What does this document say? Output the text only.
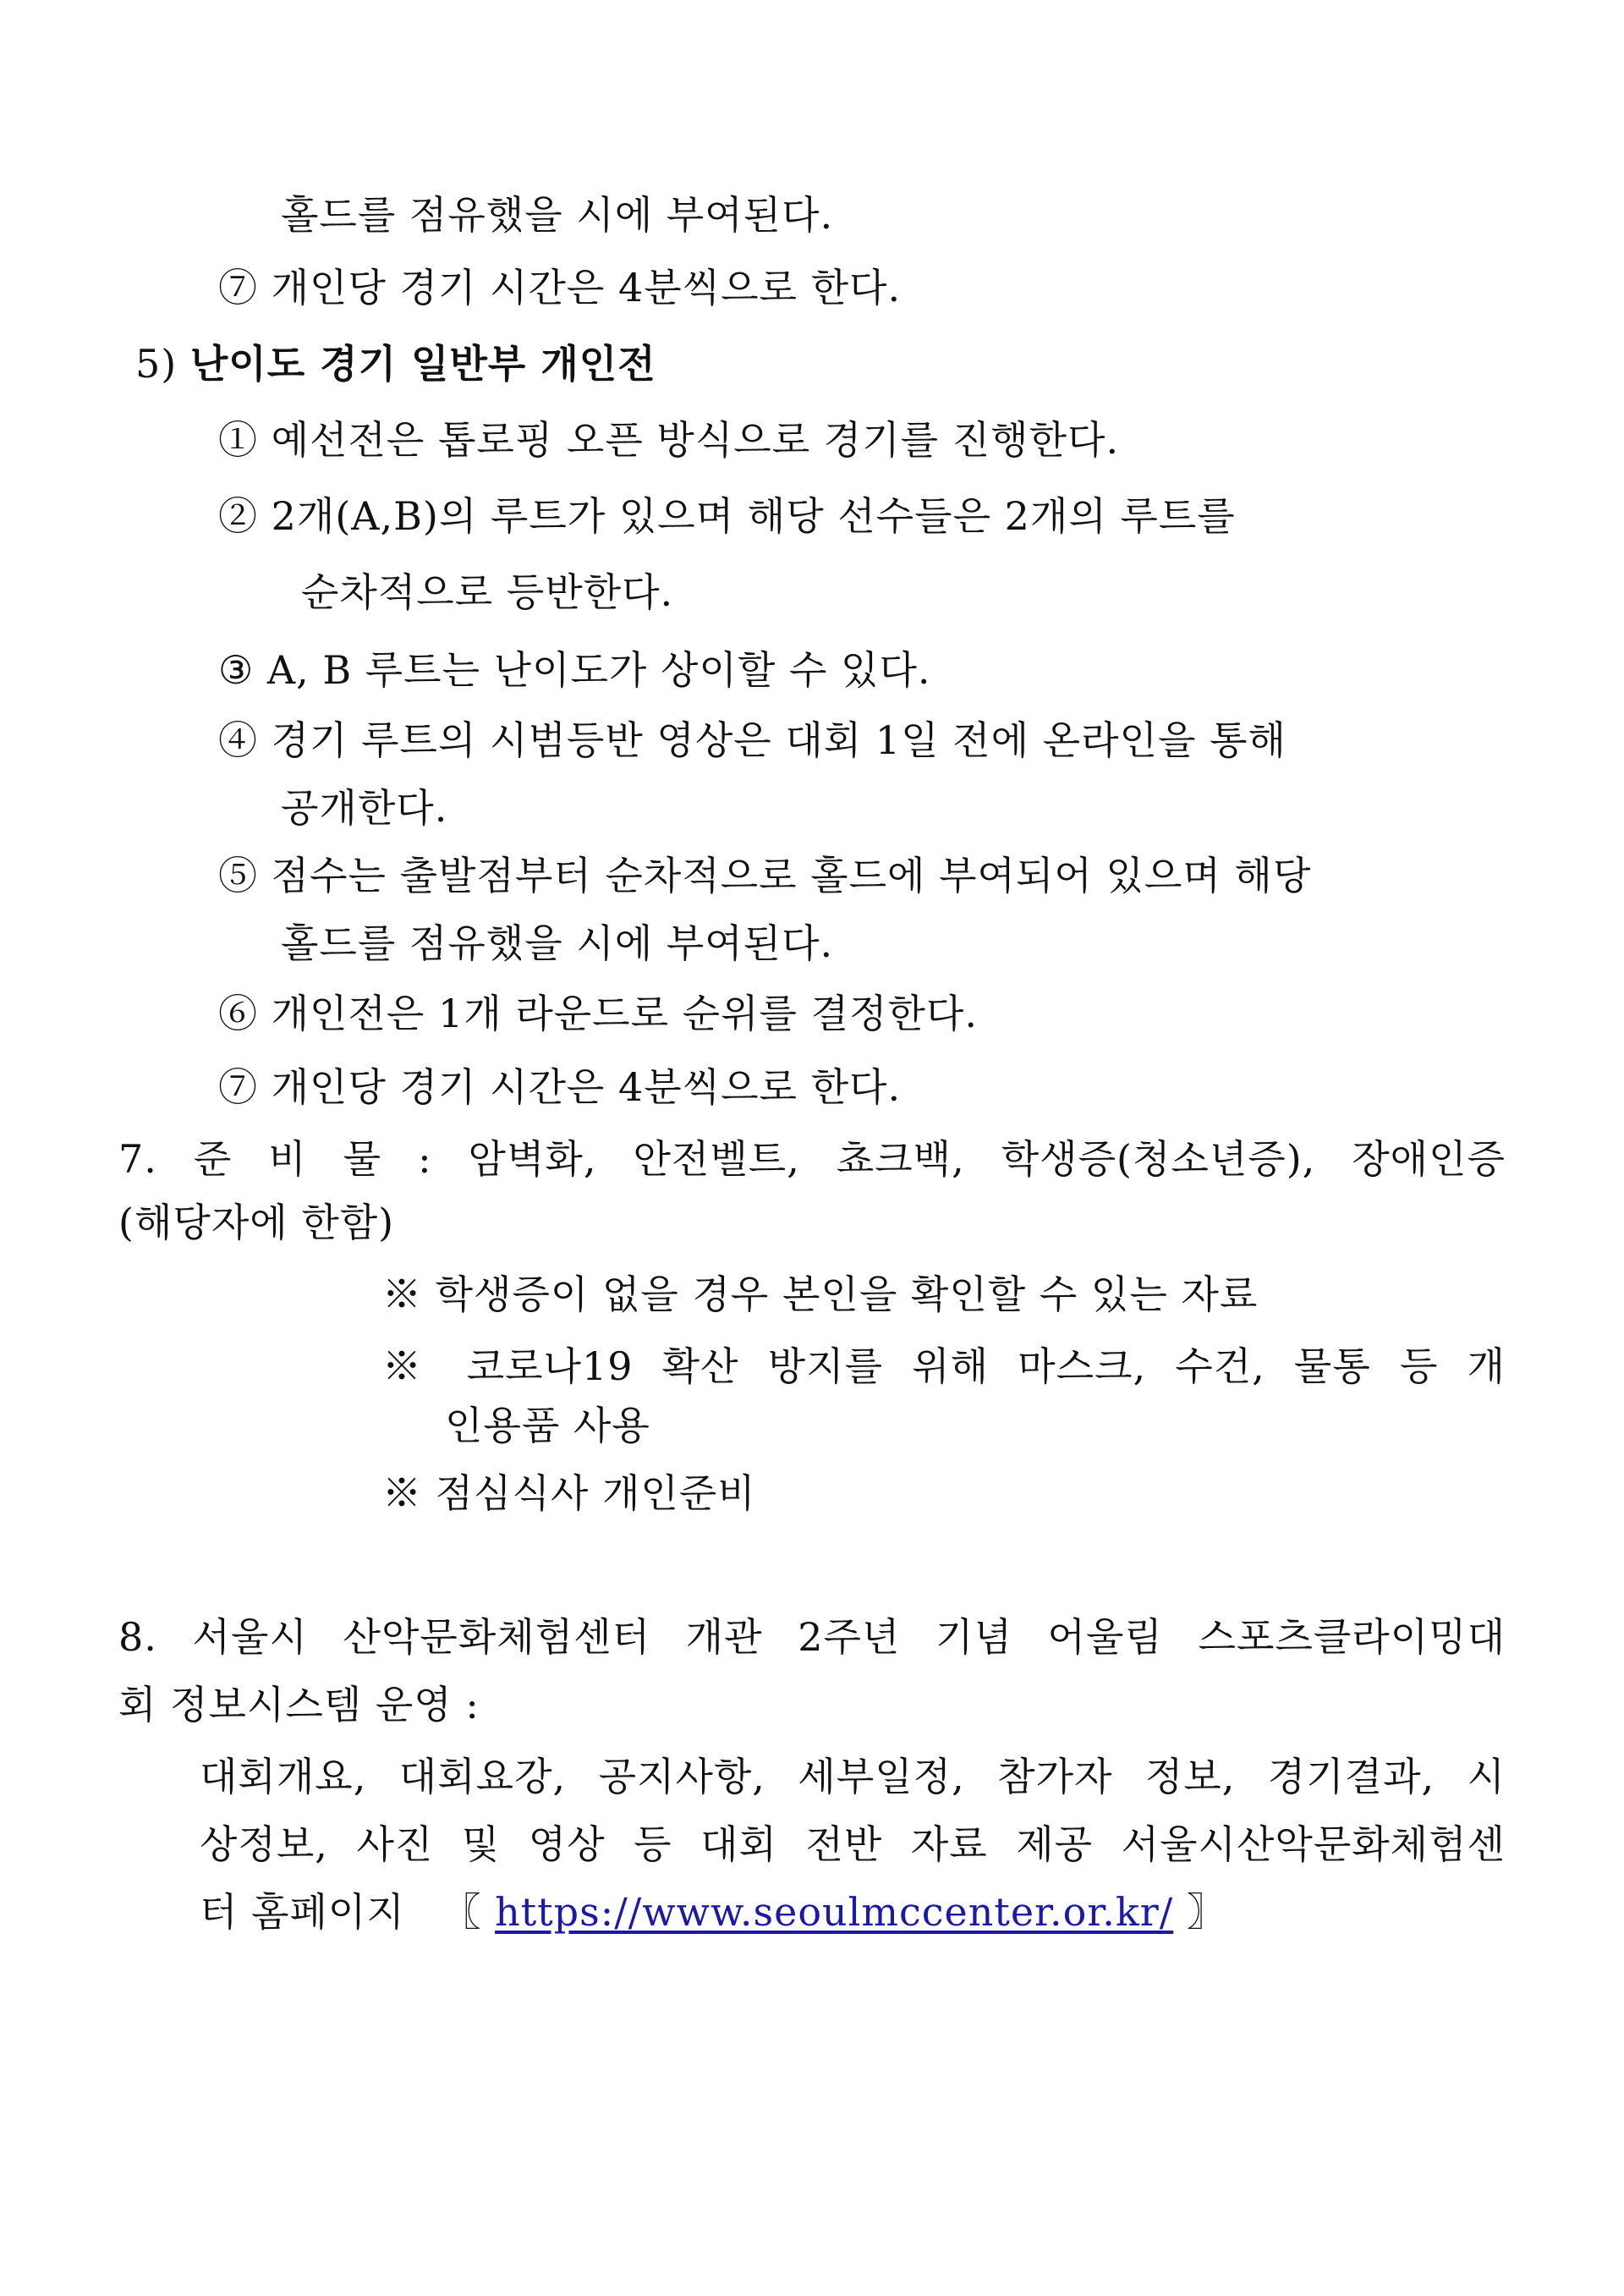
홀드를 점유했을 시에 부여된다.
⑦ 개인당 경기 시간은 4분씩으로 한다.
5) 난이도 경기 일반부 개인전
① 예선전은 톱로핑 오픈 방식으로 경기를 진행한다.
② 2개(A,B)의 루트가 있으며 해당 선수들은 2개의 루트를
순차적으로 등반한다.
③ A, B 루트는 난이도가 상이할 수 있다.
④ 경기 루트의 시범등반 영상은 대회 1일 전에 온라인을 통해
공개한다.
⑤ 점수는 출발점부터 순차적으로 홀드에 부여되어 있으며 해당
홀드를 점유했을 시에 부여된다.
⑥ 개인전은 1개 라운드로 순위를 결정한다.
⑦ 개인당 경기 시간은 4분씩으로 한다.
7. 준 비 물 : 암벽화, 안전벨트, 쵸크백, 학생증(청소년증), 장애인증
(해당자에 한함)
※ 학생증이 없을 경우 본인을 확인할 수 있는 자료
※ 코로나19 확산 방지를 위해 마스크, 수건, 물통 등 개
인용품 사용
※ 점심식사 개인준비
8. 서울시 산악문화체험센터 개관 2주년 기념 어울림 스포츠클라이밍대
회 정보시스템 운영 :
대회개요, 대회요강, 공지사항, 세부일정, 참가자 정보, 경기결과, 시
상정보, 사진 및 영상 등 대회 전반 자료 제공 서울시산악문화체험센
터 홈페이지 〖 https://www.seoulmccenter.or.kr/ 〗
